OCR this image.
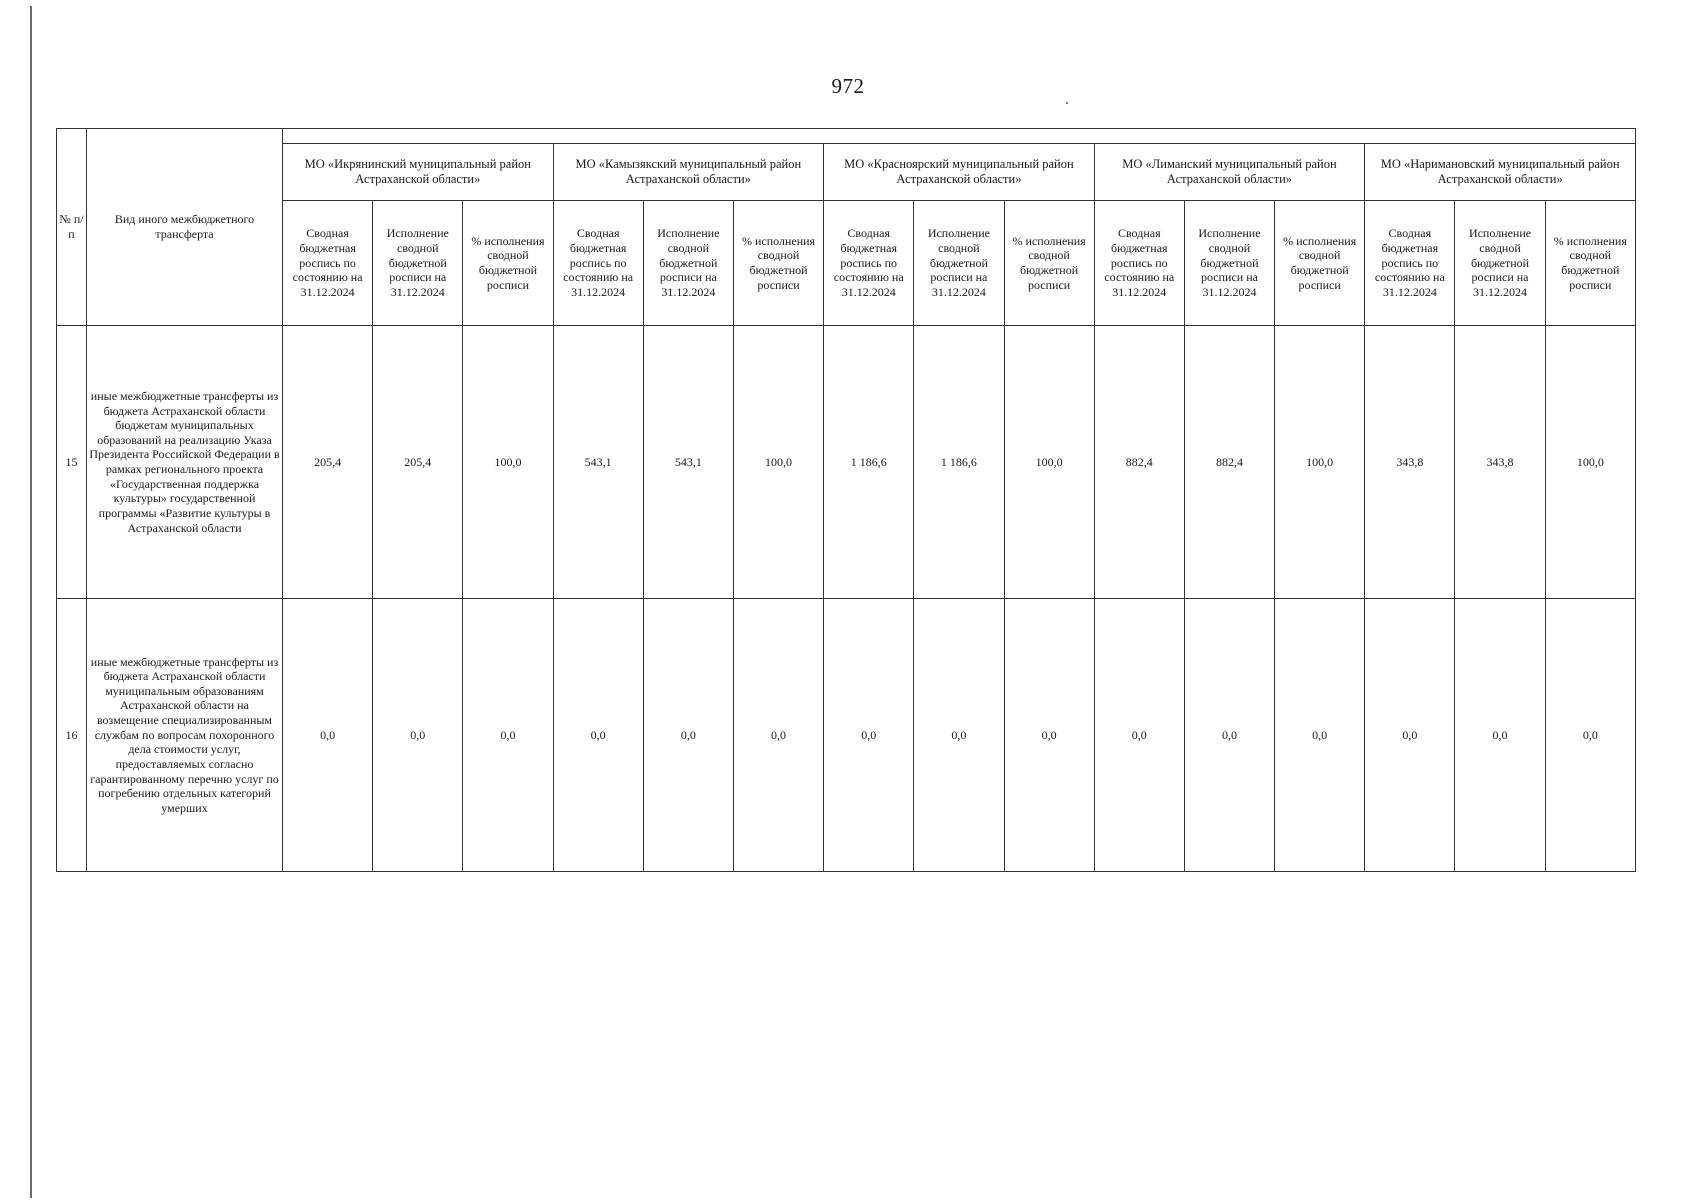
972
№ п/п	Вид иного межбюджетного трансферта															
		МО «Икрянинский муниципальный район Астраханской области»			МО «Камызякский муниципальный район Астраханской области»			МО «Красноярский муниципальный район Астраханской области»			МО «Лиманский муниципальный район Астраханской области»			МО «Наримановский муниципальный район Астраханской области»		
		Сводная бюджетная роспись по состоянию на 31.12.2024	Исполнение сводной бюджетной росписи на 31.12.2024	% исполнения сводной бюджетной росписи	Сводная бюджетная роспись по состоянию на 31.12.2024	Исполнение сводной бюджетной росписи на 31.12.2024	% исполнения сводной бюджетной росписи	Сводная бюджетная роспись по состоянию на 31.12.2024	Исполнение сводной бюджетной росписи на 31.12.2024	% исполнения сводной бюджетной росписи	Сводная бюджетная роспись по состоянию на 31.12.2024	Исполнение сводной бюджетной росписи на 31.12.2024	% исполнения сводной бюджетной росписи	Сводная бюджетная роспись по состоянию на 31.12.2024	Исполнение сводной бюджетной росписи на 31.12.2024	% исполнения сводной бюджетной росписи
15	иные межбюджетные трансферты из бюджета Астраханской области бюджетам муниципальных образований на реализацию Указа Президента Российской Федерации в рамках регионального проекта «Государственная поддержка культуры» государственной программы «Развитие культуры в Астраханской области	205,4	205,4	100,0	543,1	543,1	100,0	1 186,6	1 186,6	100,0	882,4	882,4	100,0	343,8	343,8	100,0
16	иные межбюджетные трансферты из бюджета Астраханской области муниципальным образованиям Астраханской области на возмещение специализированным службам по вопросам похоронного дела стоимости услуг, предоставляемых согласно гарантированному перечню услуг по погребению отдельных категорий умерших	0,0	0,0	0,0	0,0	0,0	0,0	0,0	0,0	0,0	0,0	0,0	0,0	0,0	0,0	0,0
